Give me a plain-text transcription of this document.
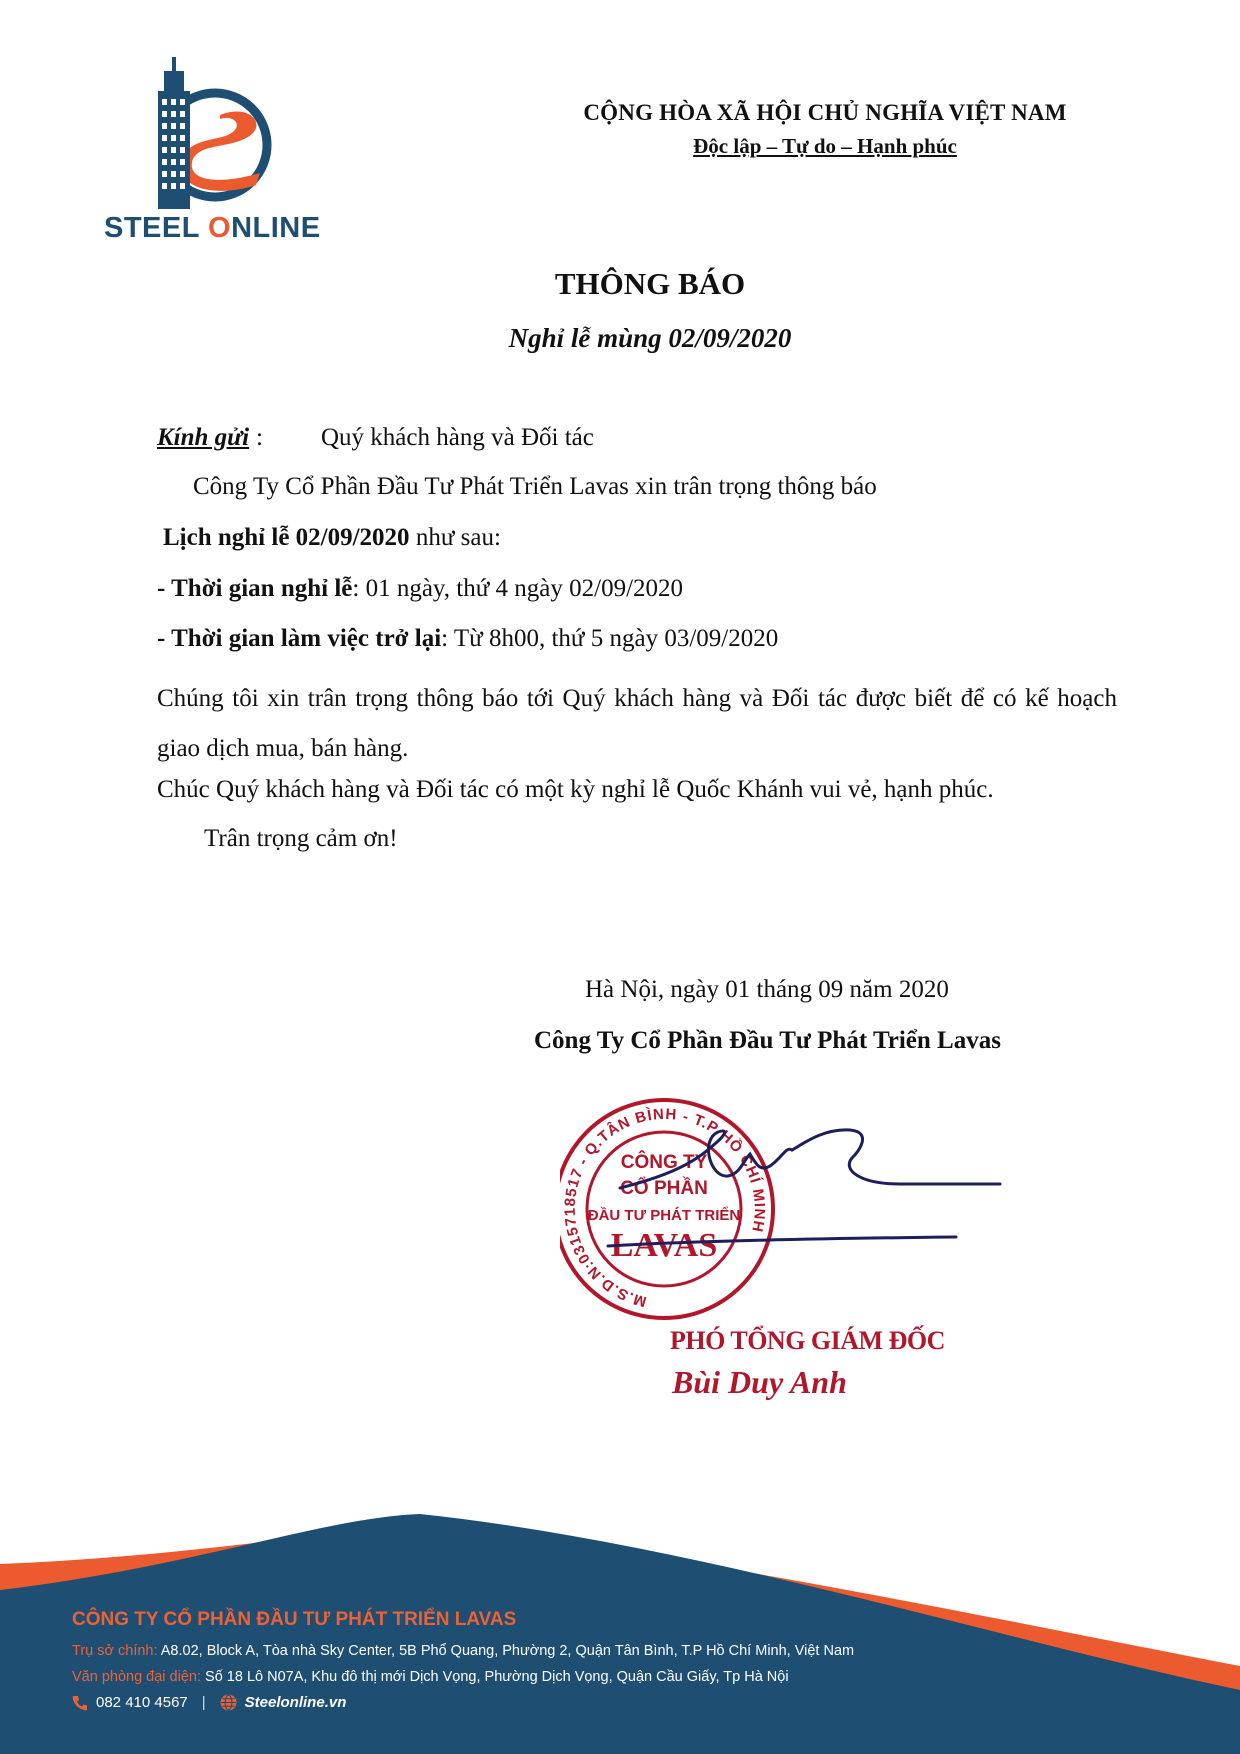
STEEL ONLINE
CỘNG HÒA XÃ HỘI CHỦ NGHĨA VIỆT NAM
Độc lập – Tự do – Hạnh phúc
THÔNG BÁO
Nghỉ lễ mùng 02/09/2020
Kính gửi : Quý khách hàng và Đối tác
Công Ty Cổ Phần Đầu Tư Phát Triển Lavas xin trân trọng thông báo
Lịch nghỉ lễ 02/09/2020 như sau:
- Thời gian nghỉ lễ: 01 ngày, thứ 4 ngày 02/09/2020
- Thời gian làm việc trở lại: Từ 8h00, thứ 5 ngày 03/09/2020
Chúng tôi xin trân trọng thông báo tới Quý khách hàng và Đối tác được biết để có kế hoạch giao dịch mua, bán hàng.
Chúc Quý khách hàng và Đối tác có một kỳ nghỉ lễ Quốc Khánh vui vẻ, hạnh phúc.
Trân trọng cảm ơn!
Hà Nội, ngày 01 tháng 09 năm 2020
Công Ty Cổ Phần Đầu Tư Phát Triển Lavas
M.S.D.N:0315718517 - Q.TÂN BÌNH - T.P HỒ CHÍ MINH
CÔNG TY
CỔ PHẦN
ĐẦU TƯ PHÁT TRIỂN
LAVAS
PHÓ TỔNG GIÁM ĐỐC
Bùi Duy Anh
CÔNG TY CỔ PHẦN ĐẦU TƯ PHÁT TRIỂN LAVAS
Trụ sở chính: A8.02, Block A, Tòa nhà Sky Center, 5B Phổ Quang, Phường 2, Quận Tân Bình, T.P Hồ Chí Minh, Việt Nam
Văn phòng đại diện: Số 18 Lô N07A, Khu đô thị mới Dịch Vọng, Phường Dịch Vọng, Quận Cầu Giấy, Tp Hà Nội
082 410 4567 |	Steelonline.vn
